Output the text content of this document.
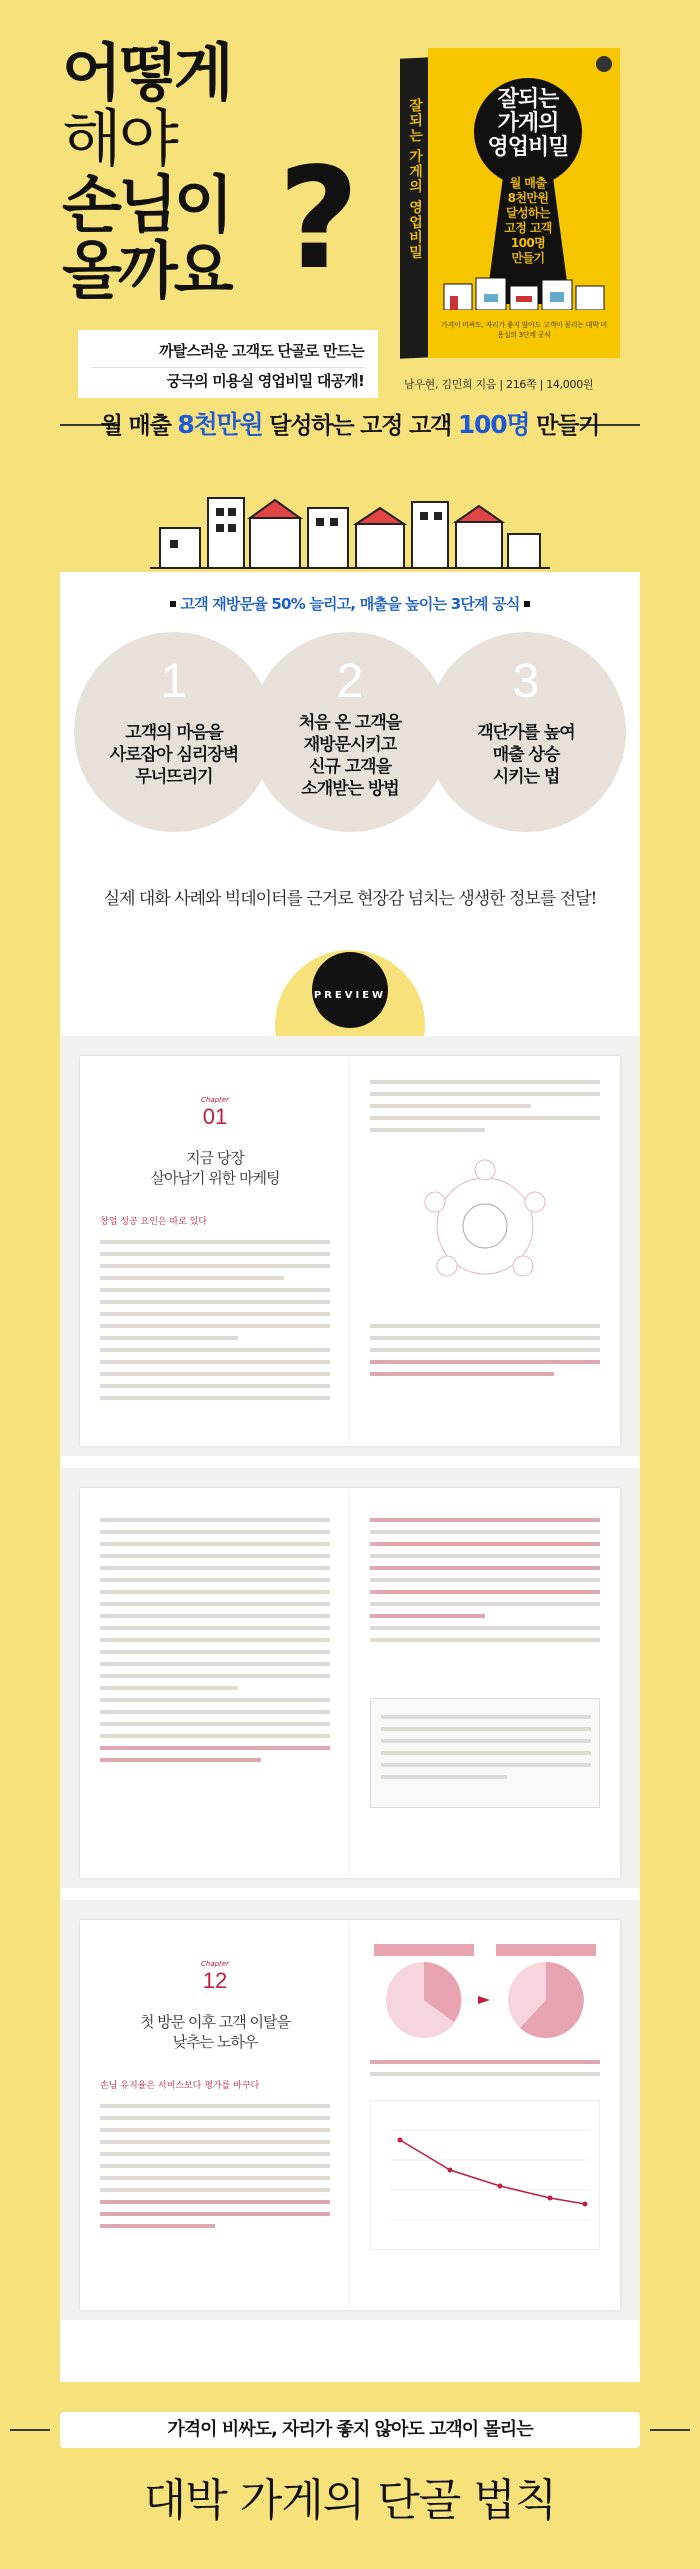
어떻게
해야
손님이
올까요 ?
까탈스러운 고객도 단골로 만드는
궁극의 미용실 영업비밀 대공개!
잘되는 가게의 영업비밀	잘되는
가게의
영업비밀
월 매출
8천만원
달성하는
고정 고객
100명
만들기
가격이 비싸도, 자리가 좋지 않아도 고객이 몰리는 대박 미용실의 3단계 공식
남우현, 김민희 지음 | 216쪽 | 14,000원
월 매출 8천만원 달성하는 고정 고객 100명 만들기
고객 재방문율 50% 늘리고, 매출을 높이는 3단계 공식
1
고객의 마음을
사로잡아 심리장벽
무너뜨리기
2
처음 온 고객을
재방문시키고
신규 고객을
소개받는 방법
3
객단가를 높여
매출 상승
시키는 법
실제 대화 사례와 빅데이터를 근거로 현장감 넘치는 생생한 정보를 전달!
PREVIEW
Chapter
01
지금 당장
살아남기 위한 마케팅
창업 성공 요인은 따로 있다
Chapter
12
첫 방문 이후 고객 이탈을
낮추는 노하우
손님 유지율은 서비스보다 평가를 바꾸다
가격이 비싸도, 자리가 좋지 않아도 고객이 몰리는
대박 가게의 단골 법칙
